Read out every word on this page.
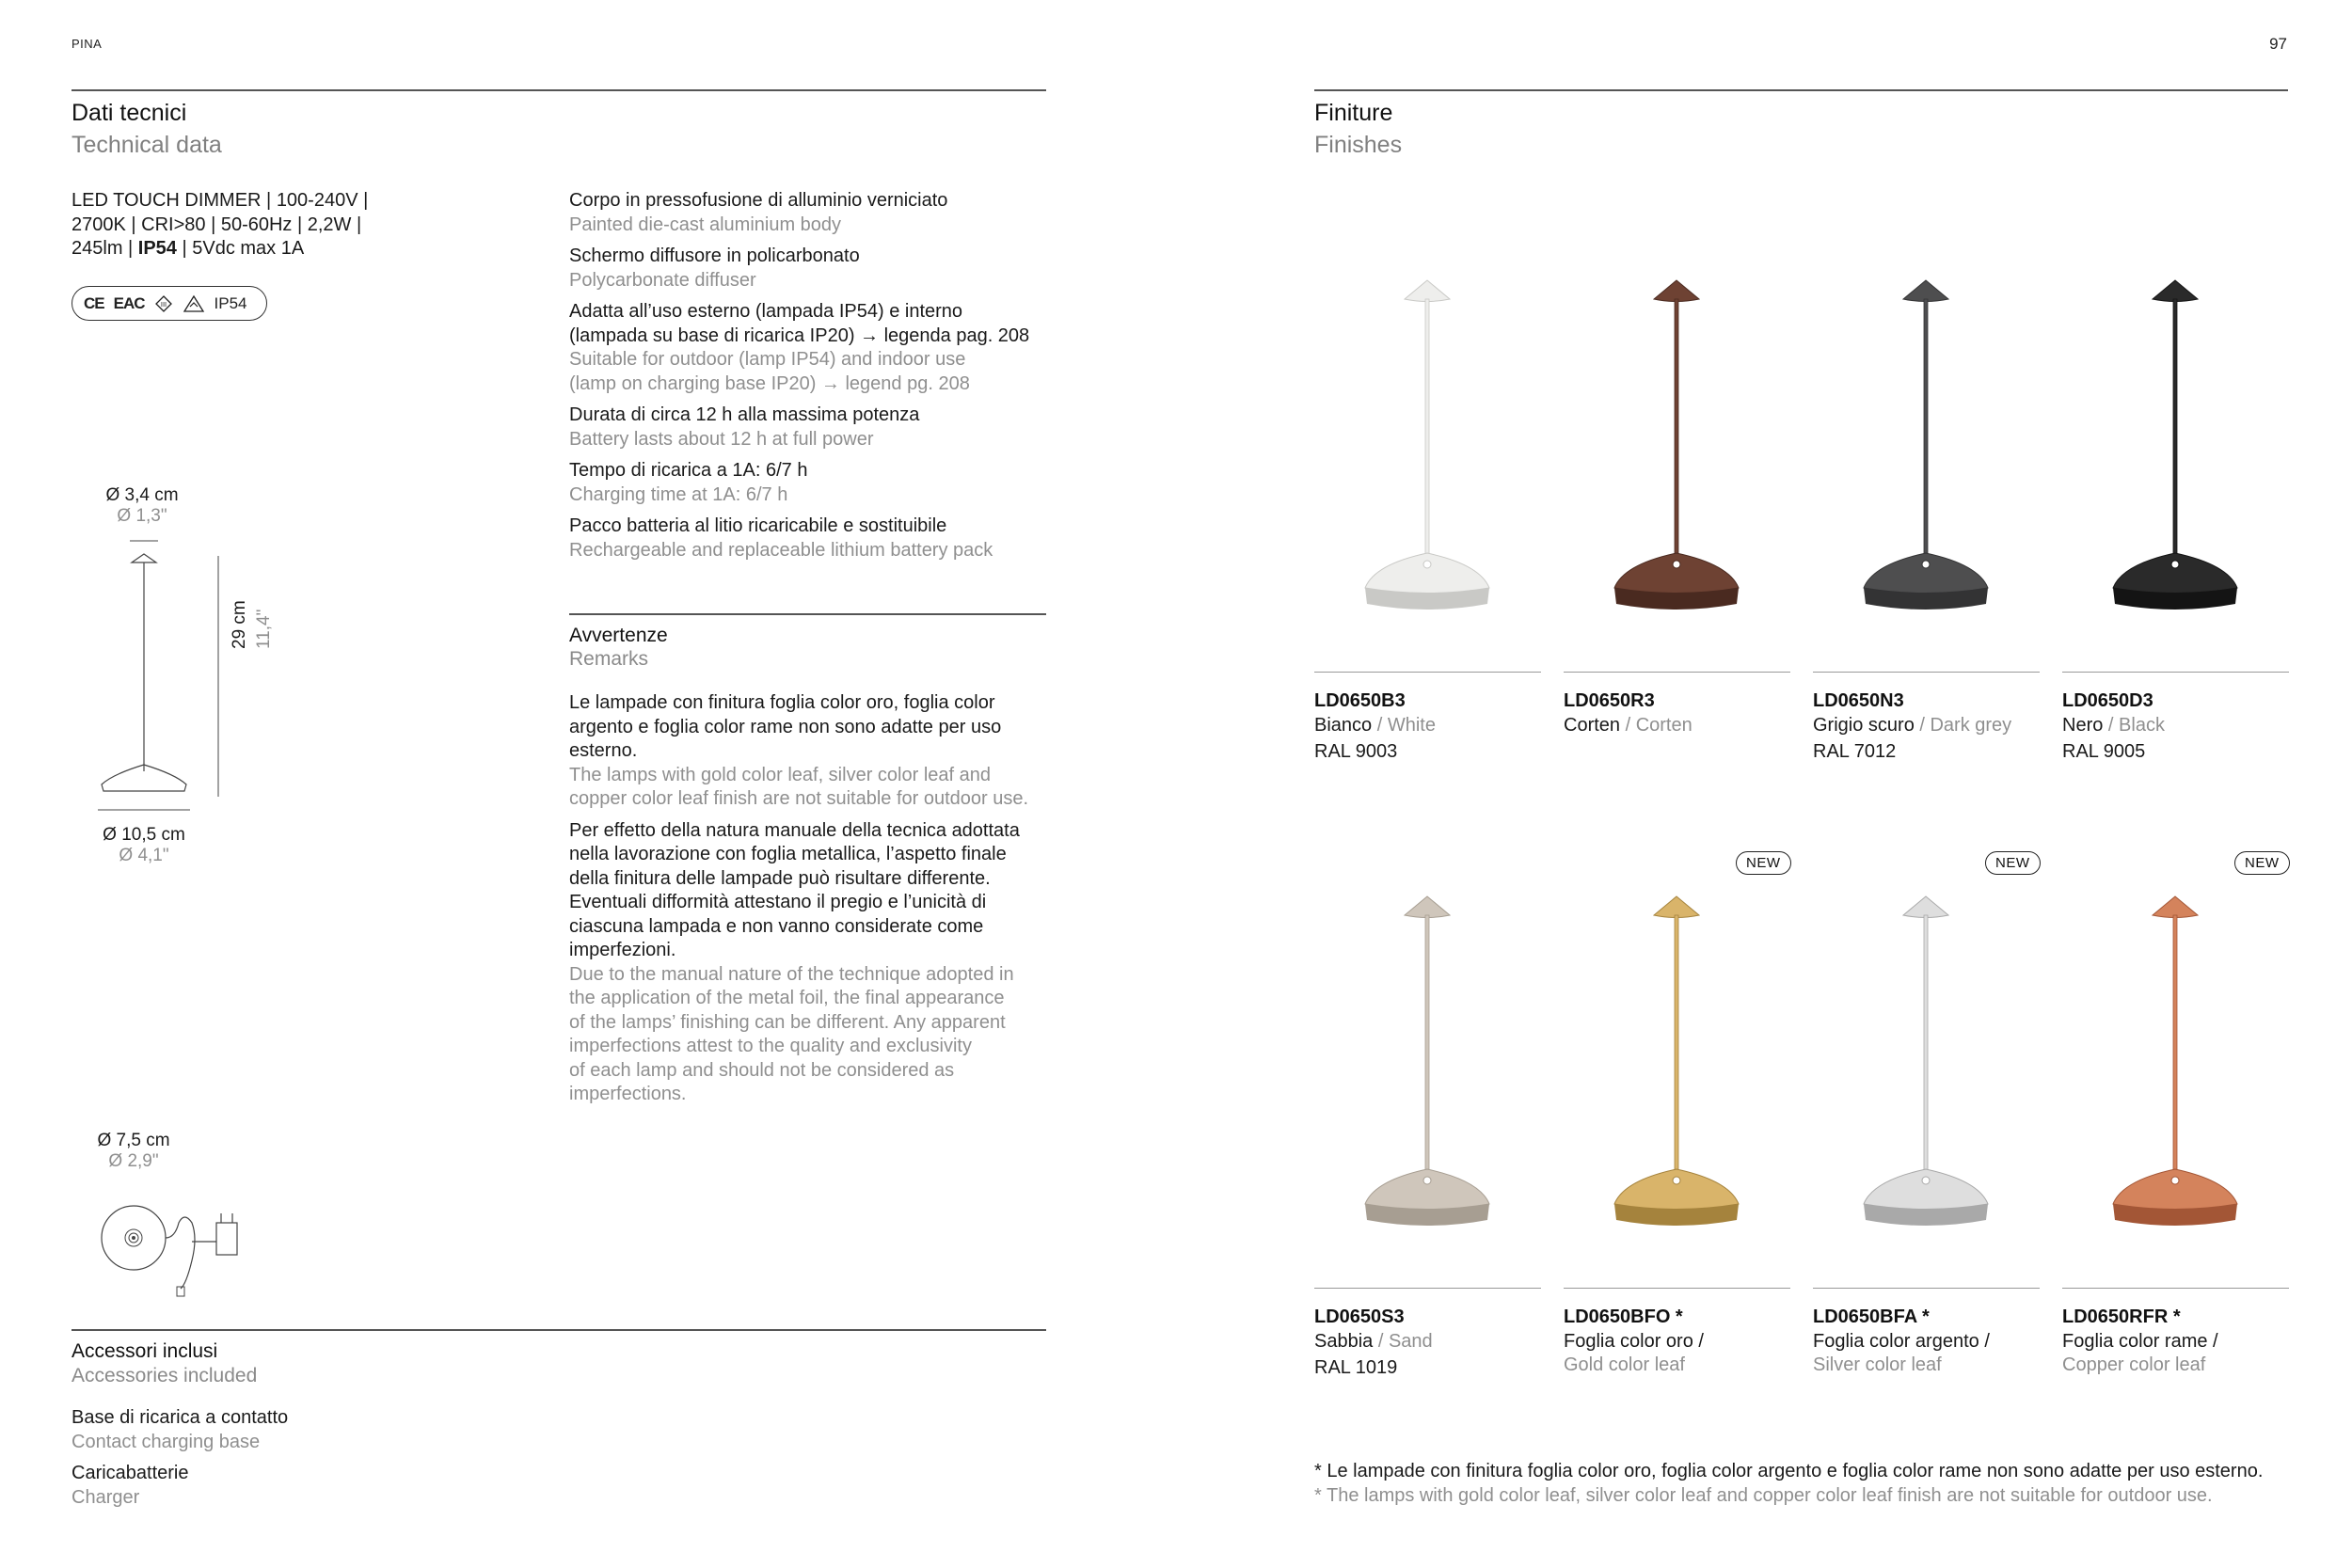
PINA	97
Dati tecnici
Technical data
LED TOUCH DIMMER | 100-240V |
2700K | CRI>80 | 50-60Hz | 2,2W |
245lm | IP54 | 5Vdc max 1A
CE EAC III	IP54
Corpo in pressofusione di alluminio verniciato
Painted die-cast aluminium body
Schermo diffusore in policarbonato
Polycarbonate diffuser
Adatta all’uso esterno (lampada IP54) e interno
(lampada su base di ricarica IP20) → legenda pag. 208
Suitable for outdoor (lamp IP54) and indoor use
(lamp on charging base IP20) → legend pg. 208
Durata di circa 12 h alla massima potenza
Battery lasts about 12 h at full power
Tempo di ricarica a 1A: 6/7 h
Charging time at 1A: 6/7 h
Pacco batteria al litio ricaricabile e sostituibile
Rechargeable and replaceable lithium battery pack
Ø 3,4 cm
Ø 1,3"
29 cm 11,4"
Ø 10,5 cm
Ø 4,1"
Ø 7,5 cm
Ø 2,9"
Avvertenze
Remarks
Le lampade con finitura foglia color oro, foglia color
argento e foglia color rame non sono adatte per uso
esterno.
The lamps with gold color leaf, silver color leaf and
copper color leaf finish are not suitable for outdoor use.
Per effetto della natura manuale della tecnica adottata
nella lavorazione con foglia metallica, l’aspetto finale
della finitura delle lampade può risultare differente.
Eventuali difformità attestano il pregio e l’unicità di
ciascuna lampada e non vanno considerate come
imperfezioni.
Due to the manual nature of the technique adopted in
the application of the metal foil, the final appearance
of the lamps’ finishing can be different. Any apparent
imperfections attest to the quality and exclusivity
of each lamp and should not be considered as
imperfections.
Accessori inclusi
Accessories included
Base di ricarica a contatto
Contact charging base
Caricabatterie
Charger
Finiture
Finishes
LD0650B3
Bianco / White
RAL 9003
LD0650R3
Corten / Corten
LD0650N3
Grigio scuro / Dark grey
RAL 7012
LD0650D3
Nero / Black
RAL 9005
LD0650S3
Sabbia / Sand
RAL 1019
NEW
LD0650BFO *
Foglia color oro /
Gold color leaf
NEW
LD0650BFA *
Foglia color argento /
Silver color leaf
NEW
LD0650RFR *
Foglia color rame /
Copper color leaf
* Le lampade con finitura foglia color oro, foglia color argento e foglia color rame non sono adatte per uso esterno.
* The lamps with gold color leaf, silver color leaf and copper color leaf finish are not suitable for outdoor use.
